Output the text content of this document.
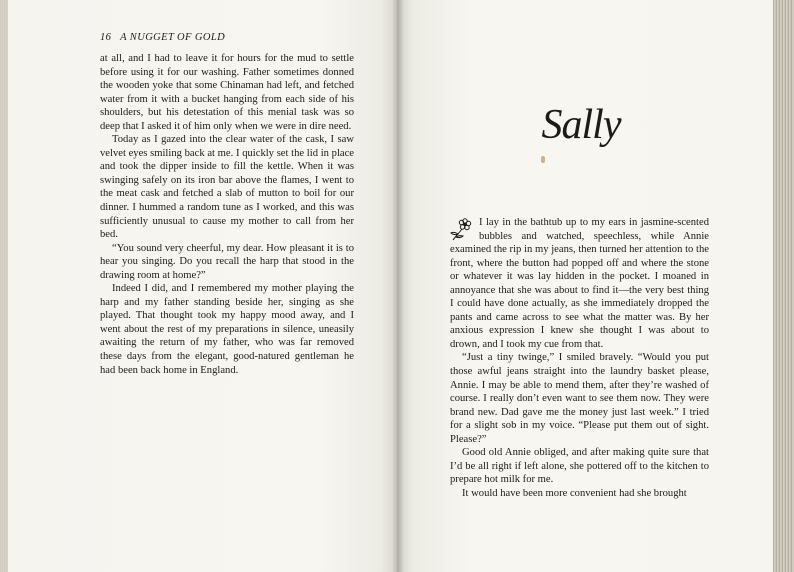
16 A NUGGET OF GOLD

at all, and I had to leave it for hours for the mud to settle before using it for our washing. Father sometimes donned the wooden yoke that some Chinaman had left, and fetched water from it with a bucket hanging from each side of his shoulders, but his detestation of this menial task was so deep that I asked it of him only when we were in dire need.

Today as I gazed into the clear water of the cask, I saw velvet eyes smiling back at me. I quickly set the lid in place and took the dipper inside to fill the kettle. When it was swinging safely on its iron bar above the flames, I went to the meat cask and fetched a slab of mutton to boil for our dinner. I hummed a random tune as I worked, and this was sufficiently unusual to cause my mother to call from her bed.

“You sound very cheerful, my dear. How pleasant it is to hear you singing. Do you recall the harp that stood in the drawing room at home?”

Indeed I did, and I remembered my mother playing the harp and my father standing beside her, singing as she played. That thought took my happy mood away, and I went about the rest of my preparations in silence, uneasily awaiting the return of my father, who was far removed these days from the elegant, good-natured gentleman he had been back home in England.

Sally

I lay in the bathtub up to my ears in jasmine-scented bubbles and watched, speechless, while Annie examined the rip in my jeans, then turned her attention to the front, where the button had popped off and where the stone or whatever it was lay hidden in the pocket. I moaned in annoyance that she was about to find it—the very best thing I could have done actually, as she immediately dropped the pants and came across to see what the matter was. By her anxious expression I knew she thought I was about to drown, and I took my cue from that.

“Just a tiny twinge,” I smiled bravely. “Would you put those awful jeans straight into the laundry basket please, Annie. I may be able to mend them, after they’re washed of course. I really don’t even want to see them now. They were brand new. Dad gave me the money just last week.” I tried for a slight sob in my voice. “Please put them out of sight. Please?”

Good old Annie obliged, and after making quite sure that I’d be all right if left alone, she pottered off to the kitchen to prepare hot milk for me.

It would have been more convenient had she brought
